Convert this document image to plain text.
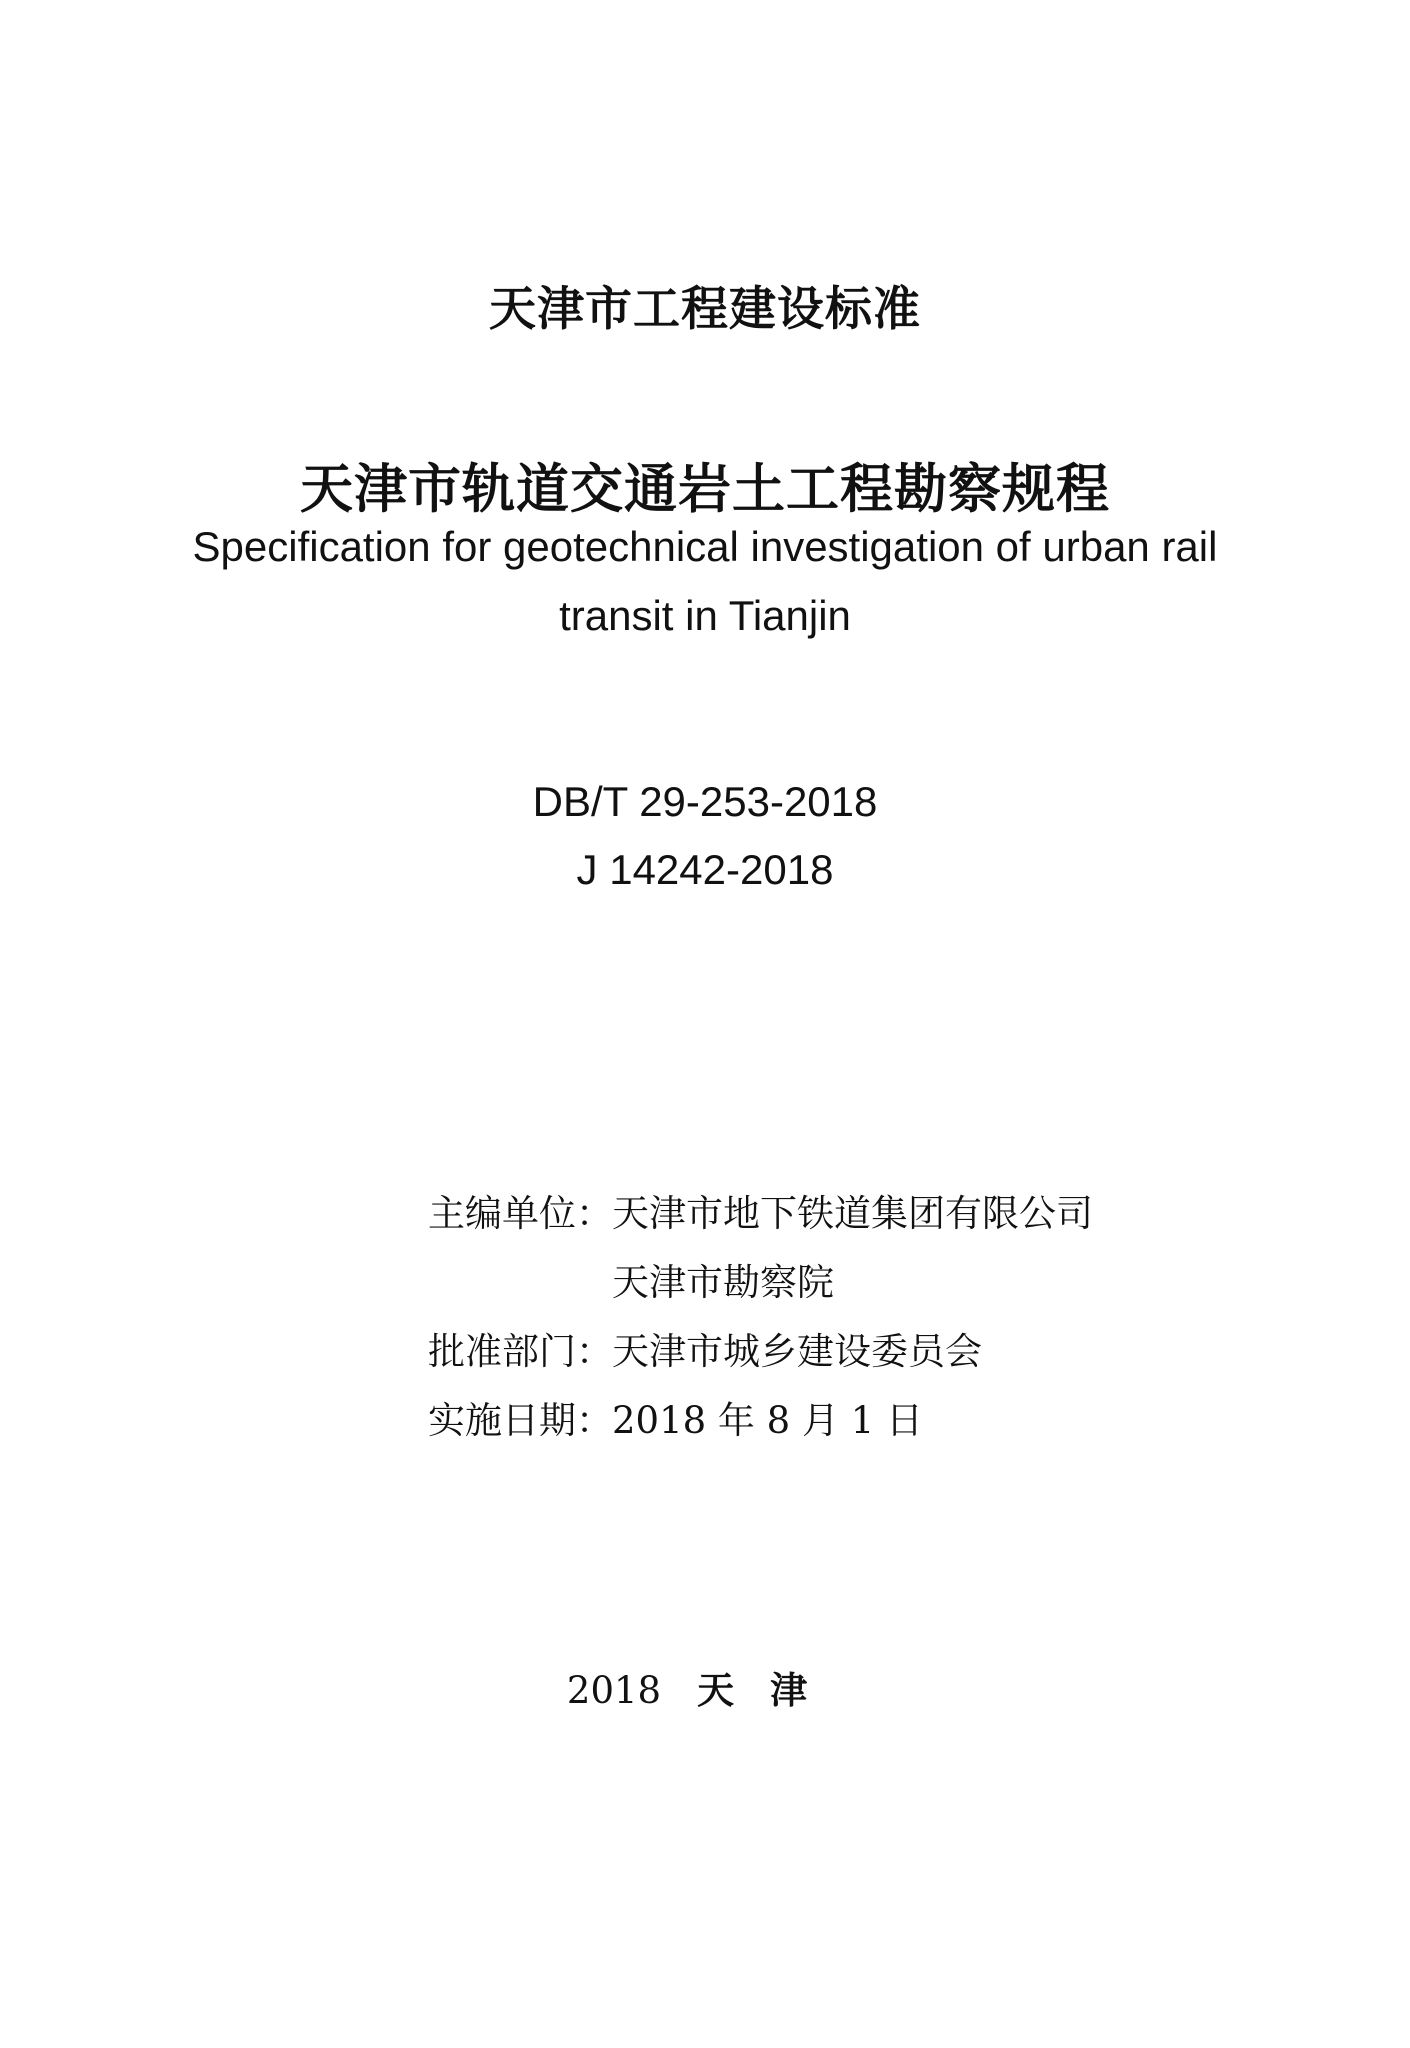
天津市工程建设标准
天津市轨道交通岩土工程勘察规程
Specification for geotechnical investigation of urban rail
transit in Tianjin
DB/T 29-253-2018
J 14242-2018
主编单位：天津市地下铁道集团有限公司
天津市勘察院
批准部门：天津市城乡建设委员会
实施日期：2018 年 8 月 1 日
2018 天津
